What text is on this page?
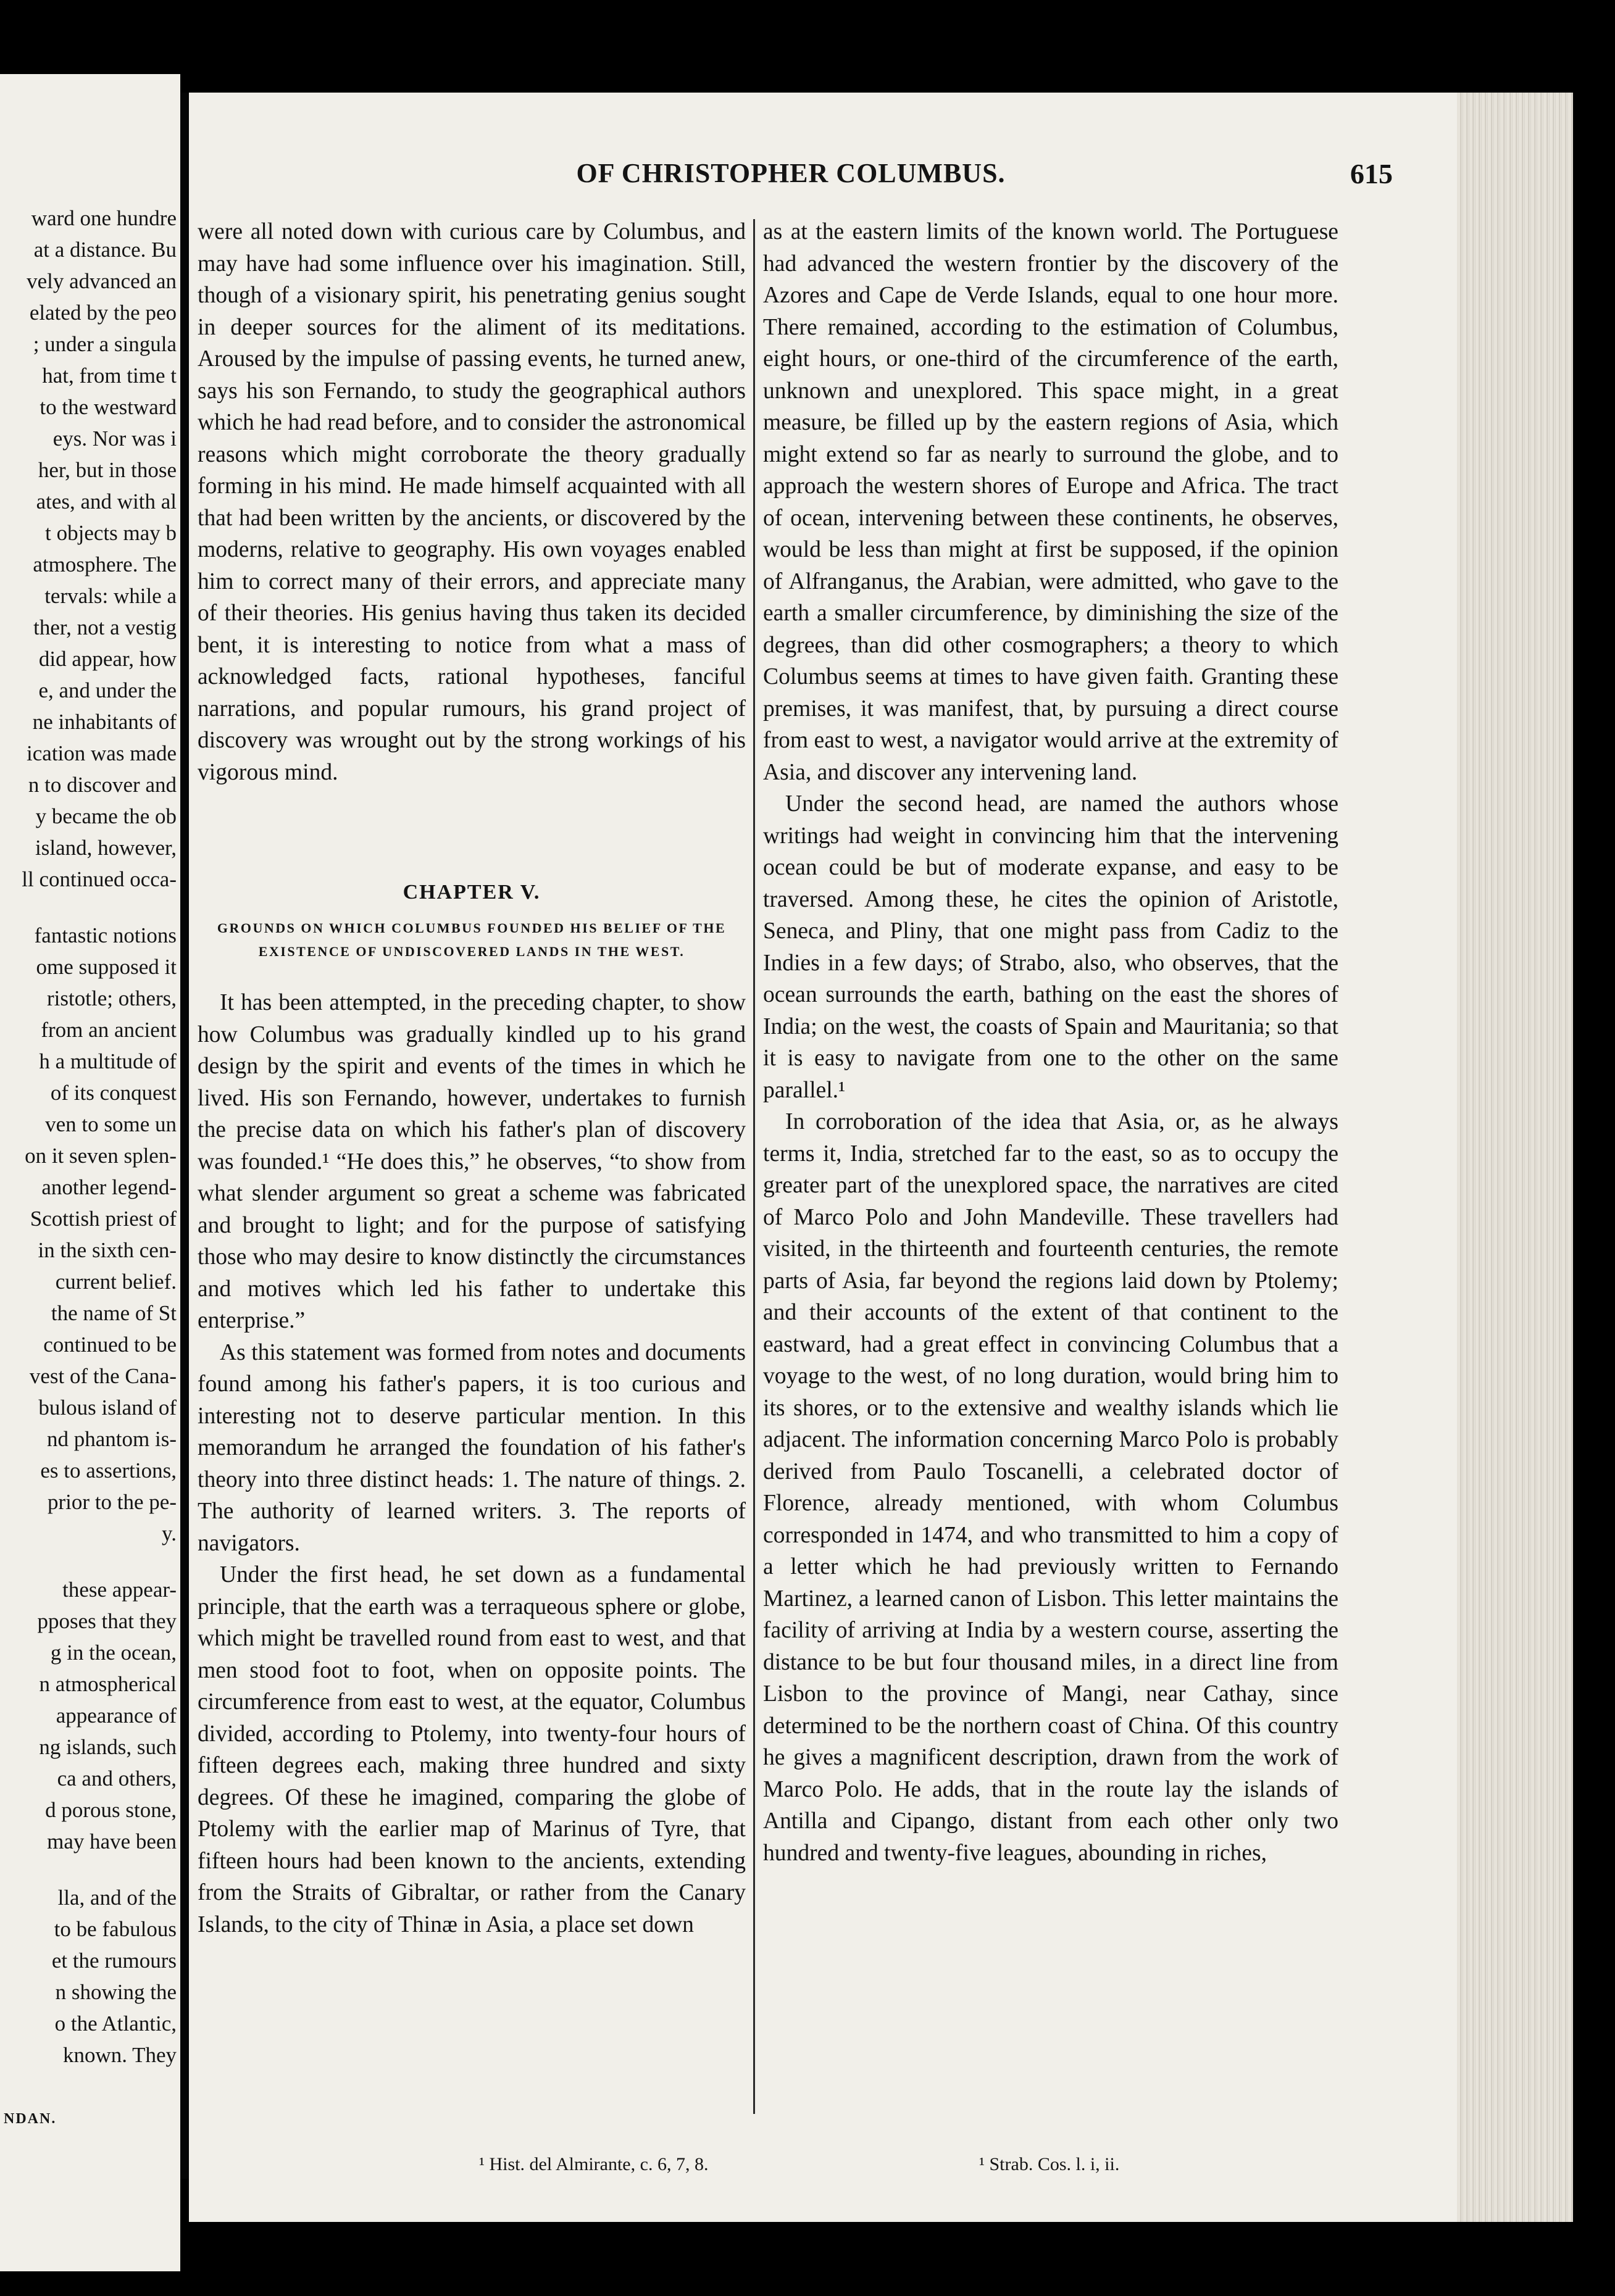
ward one hundre
at a distance. Bu
vely advanced an
elated by the peo
; under a singula
hat, from time t
to the westward
eys. Nor was i
her, but in those
ates, and with al
t objects may b
atmosphere. The
tervals: while a
ther, not a vestig
did appear, how
e, and under the
ne inhabitants of
ication was made
n to discover and
y became the ob
island, however,
ll continued occa-
fantastic notions
ome supposed it
ristotle; others,
from an ancient
h a multitude of
of its conquest
ven to some un
on it seven splen-
another legend-
Scottish priest of
in the sixth cen-
current belief.
the name of St
continued to be
vest of the Cana-
bulous island of
nd phantom is-
es to assertions,
prior to the pe-
y.
these appear-
pposes that they
g in the ocean,
n atmospherical
appearance of
ng islands, such
ca and others,
d porous stone,
may have been
lla, and of the
to be fabulous
et the rumours
n showing the
o the Atlantic,
known. They
NDAN.
OF CHRISTOPHER COLUMBUS.	615

were all noted down with curious care by Columbus, and may have had some influence over his imagination. Still, though of a visionary spirit, his penetrating genius sought in deeper sources for the aliment of its meditations. Aroused by the impulse of passing events, he turned anew, says his son Fernando, to study the geographical authors which he had read before, and to consider the astronomical reasons which might corroborate the theory gradually forming in his mind. He made himself acquainted with all that had been written by the ancients, or discovered by the moderns, relative to geography. His own voyages enabled him to correct many of their errors, and appreciate many of their theories. His genius having thus taken its decided bent, it is interesting to notice from what a mass of acknowledged facts, rational hypotheses, fanciful narrations, and popular rumours, his grand project of discovery was wrought out by the strong workings of his vigorous mind.

CHAPTER V.
GROUNDS ON WHICH COLUMBUS FOUNDED HIS BELIEF OF THE EXISTENCE OF UNDISCOVERED LANDS IN THE WEST.

It has been attempted, in the preceding chapter, to show how Columbus was gradually kindled up to his grand design by the spirit and events of the times in which he lived. His son Fernando, however, undertakes to furnish the precise data on which his father's plan of discovery was founded.¹ “He does this,” he observes, “to show from what slender argument so great a scheme was fabricated and brought to light; and for the purpose of satisfying those who may desire to know distinctly the circumstances and motives which led his father to undertake this enterprise.”

As this statement was formed from notes and documents found among his father's papers, it is too curious and interesting not to deserve particular mention. In this memorandum he arranged the foundation of his father's theory into three distinct heads: 1. The nature of things. 2. The authority of learned writers. 3. The reports of navigators.

Under the first head, he set down as a fundamental principle, that the earth was a terraqueous sphere or globe, which might be travelled round from east to west, and that men stood foot to foot, when on opposite points. The circumference from east to west, at the equator, Columbus divided, according to Ptolemy, into twenty-four hours of fifteen degrees each, making three hundred and sixty degrees. Of these he imagined, comparing the globe of Ptolemy with the earlier map of Marinus of Tyre, that fifteen hours had been known to the ancients, extending from the Straits of Gibraltar, or rather from the Canary Islands, to the city of Thinæ in Asia, a place set down

as at the eastern limits of the known world. The Portuguese had advanced the western frontier by the discovery of the Azores and Cape de Verde Islands, equal to one hour more. There remained, according to the estimation of Columbus, eight hours, or one-third of the circumference of the earth, unknown and unexplored. This space might, in a great measure, be filled up by the eastern regions of Asia, which might extend so far as nearly to surround the globe, and to approach the western shores of Europe and Africa. The tract of ocean, intervening between these continents, he observes, would be less than might at first be supposed, if the opinion of Alfranganus, the Arabian, were admitted, who gave to the earth a smaller circumference, by diminishing the size of the degrees, than did other cosmographers; a theory to which Columbus seems at times to have given faith. Granting these premises, it was manifest, that, by pursuing a direct course from east to west, a navigator would arrive at the extremity of Asia, and discover any intervening land.

Under the second head, are named the authors whose writings had weight in convincing him that the intervening ocean could be but of moderate expanse, and easy to be traversed. Among these, he cites the opinion of Aristotle, Seneca, and Pliny, that one might pass from Cadiz to the Indies in a few days; of Strabo, also, who observes, that the ocean surrounds the earth, bathing on the east the shores of India; on the west, the coasts of Spain and Mauritania; so that it is easy to navigate from one to the other on the same parallel.¹

In corroboration of the idea that Asia, or, as he always terms it, India, stretched far to the east, so as to occupy the greater part of the unexplored space, the narratives are cited of Marco Polo and John Mandeville. These travellers had visited, in the thirteenth and fourteenth centuries, the remote parts of Asia, far beyond the regions laid down by Ptolemy; and their accounts of the extent of that continent to the eastward, had a great effect in convincing Columbus that a voyage to the west, of no long duration, would bring him to its shores, or to the extensive and wealthy islands which lie adjacent. The information concerning Marco Polo is probably derived from Paulo Toscanelli, a celebrated doctor of Florence, already mentioned, with whom Columbus corresponded in 1474, and who transmitted to him a copy of a letter which he had previously written to Fernando Martinez, a learned canon of Lisbon. This letter maintains the facility of arriving at India by a western course, asserting the distance to be but four thousand miles, in a direct line from Lisbon to the province of Mangi, near Cathay, since determined to be the northern coast of China. Of this country he gives a magnificent description, drawn from the work of Marco Polo. He adds, that in the route lay the islands of Antilla and Cipango, distant from each other only two hundred and twenty-five leagues, abounding in riches,

¹ Hist. del Almirante, c. 6, 7, 8.	¹ Strab. Cos. l. i, ii.
